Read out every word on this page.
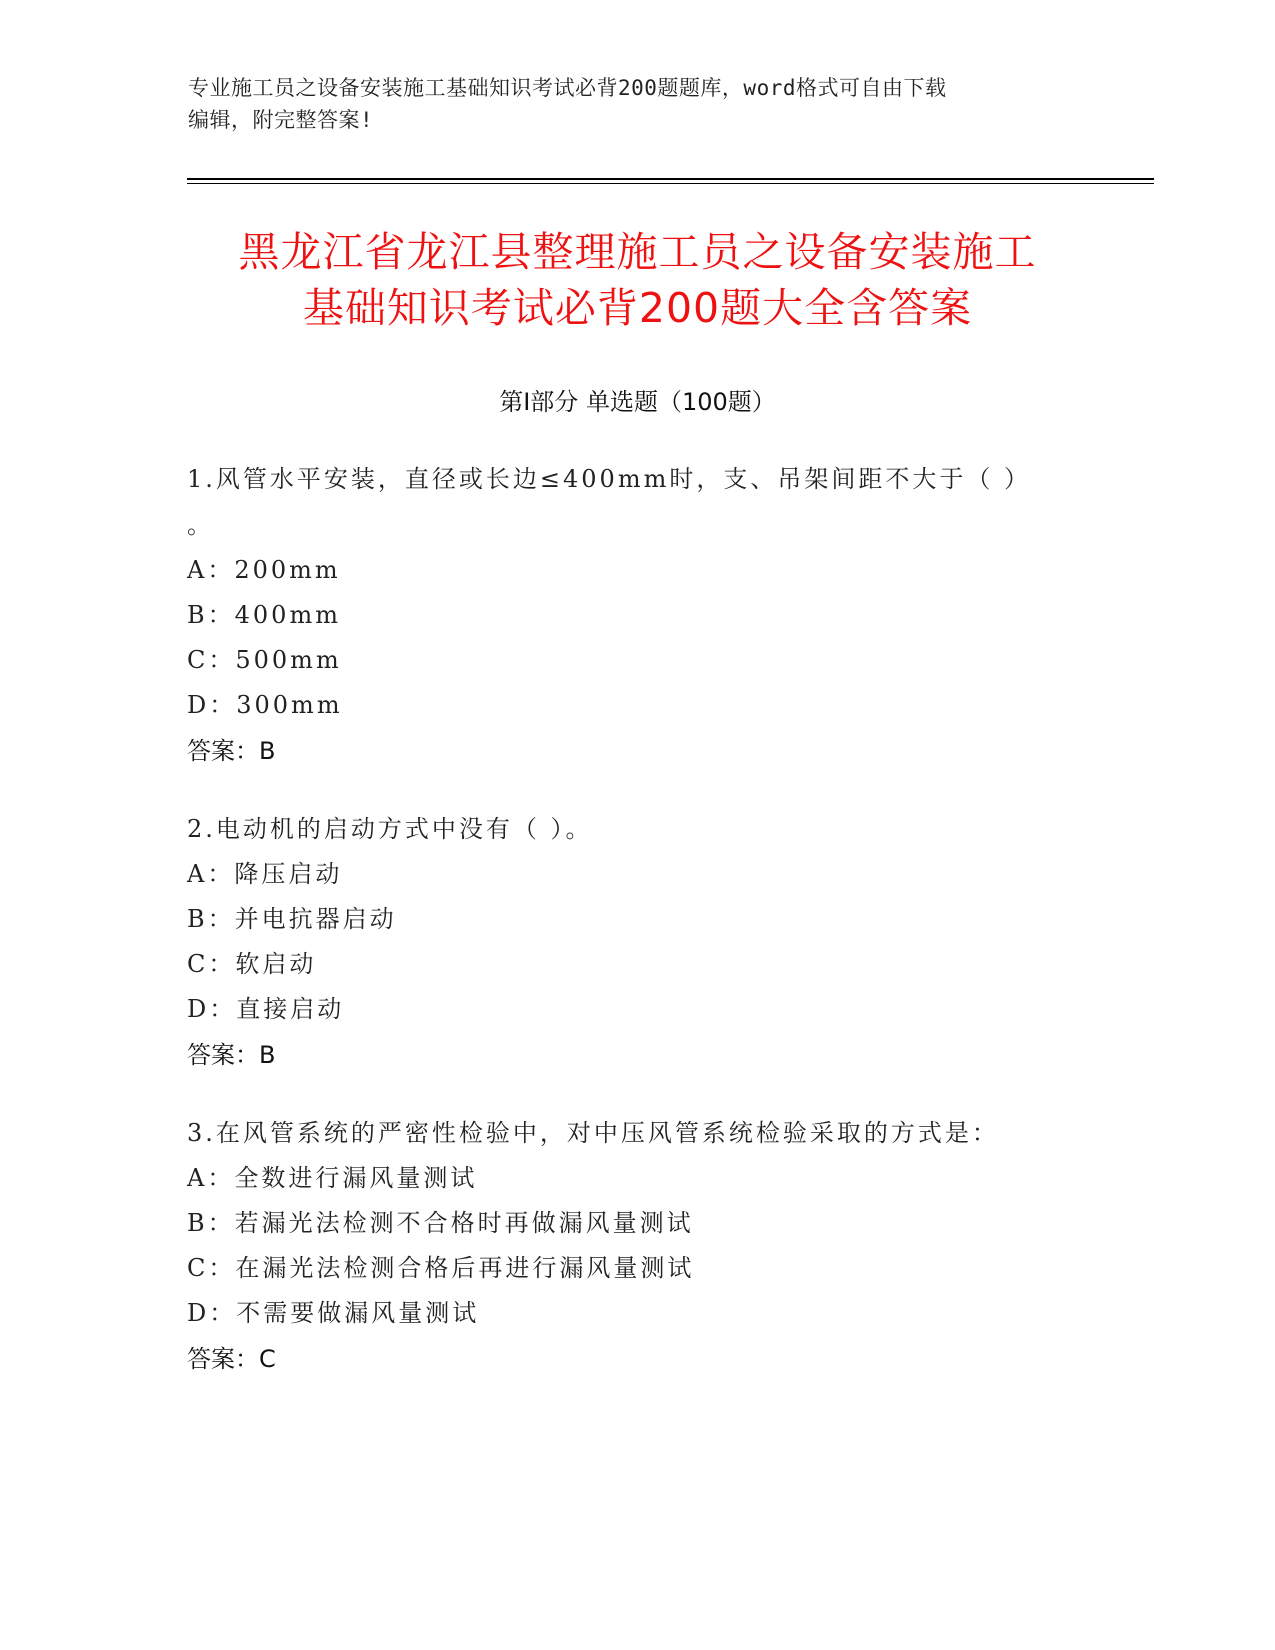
专业施工员之设备安装施工基础知识考试必背200题题库，word格式可自由下载
编辑，附完整答案!
黑龙江省龙江县整理施工员之设备安装施工
基础知识考试必背200题大全含答案
第Ⅰ部分 单选题（100题）
1.风管水平安装，直径或长边≤400mm时，支、吊架间距不大于（ ）
。
A：200mm
B：400mm
C：500mm
D：300mm
答案：B
2.电动机的启动方式中没有（ ）。
A：降压启动
B：并电抗器启动
C：软启动
D：直接启动
答案：B
3.在风管系统的严密性检验中，对中压风管系统检验采取的方式是：
A：全数进行漏风量测试
B：若漏光法检测不合格时再做漏风量测试
C：在漏光法检测合格后再进行漏风量测试
D：不需要做漏风量测试
答案：C
